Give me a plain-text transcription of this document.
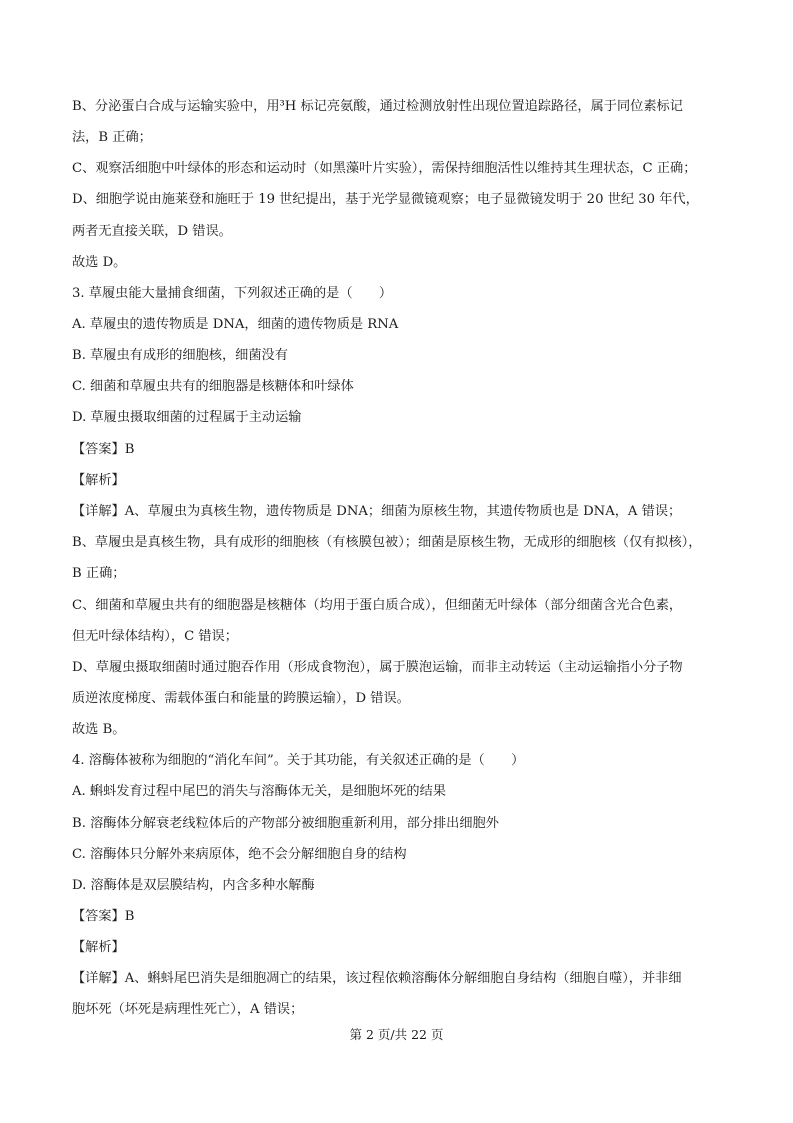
B、分泌蛋白合成与运输实验中，用³H 标记亮氨酸，通过检测放射性出现位置追踪路径，属于同位素标记
法，B 正确；
C、观察活细胞中叶绿体的形态和运动时（如黑藻叶片实验），需保持细胞活性以维持其生理状态，C 正确；
D、细胞学说由施莱登和施旺于 19 世纪提出，基于光学显微镜观察；电子显微镜发明于 20 世纪 30 年代，
两者无直接关联，D 错误。
故选 D。
3. 草履虫能大量捕食细菌，下列叙述正确的是（　　）
A. 草履虫的遗传物质是 DNA，细菌的遗传物质是 RNA
B. 草履虫有成形的细胞核，细菌没有
C. 细菌和草履虫共有的细胞器是核糖体和叶绿体
D. 草履虫摄取细菌的过程属于主动运输
【答案】B
【解析】
【详解】A、草履虫为真核生物，遗传物质是 DNA；细菌为原核生物，其遗传物质也是 DNA，A 错误；
B、草履虫是真核生物，具有成形的细胞核（有核膜包被）；细菌是原核生物，无成形的细胞核（仅有拟核），
B 正确；
C、细菌和草履虫共有的细胞器是核糖体（均用于蛋白质合成），但细菌无叶绿体（部分细菌含光合色素，
但无叶绿体结构），C 错误；
D、草履虫摄取细菌时通过胞吞作用（形成食物泡），属于膜泡运输，而非主动转运（主动运输指小分子物
质逆浓度梯度、需载体蛋白和能量的跨膜运输），D 错误。
故选 B。
4. 溶酶体被称为细胞的“消化车间”。关于其功能，有关叙述正确的是（　　）
A. 蝌蚪发育过程中尾巴的消失与溶酶体无关，是细胞坏死的结果
B. 溶酶体分解衰老线粒体后的产物部分被细胞重新利用，部分排出细胞外
C. 溶酶体只分解外来病原体，绝不会分解细胞自身的结构
D. 溶酶体是双层膜结构，内含多种水解酶
【答案】B
【解析】
【详解】A、蝌蚪尾巴消失是细胞凋亡的结果，该过程依赖溶酶体分解细胞自身结构（细胞自噬），并非细
胞坏死（坏死是病理性死亡），A 错误；
第 2 页/共 22 页
